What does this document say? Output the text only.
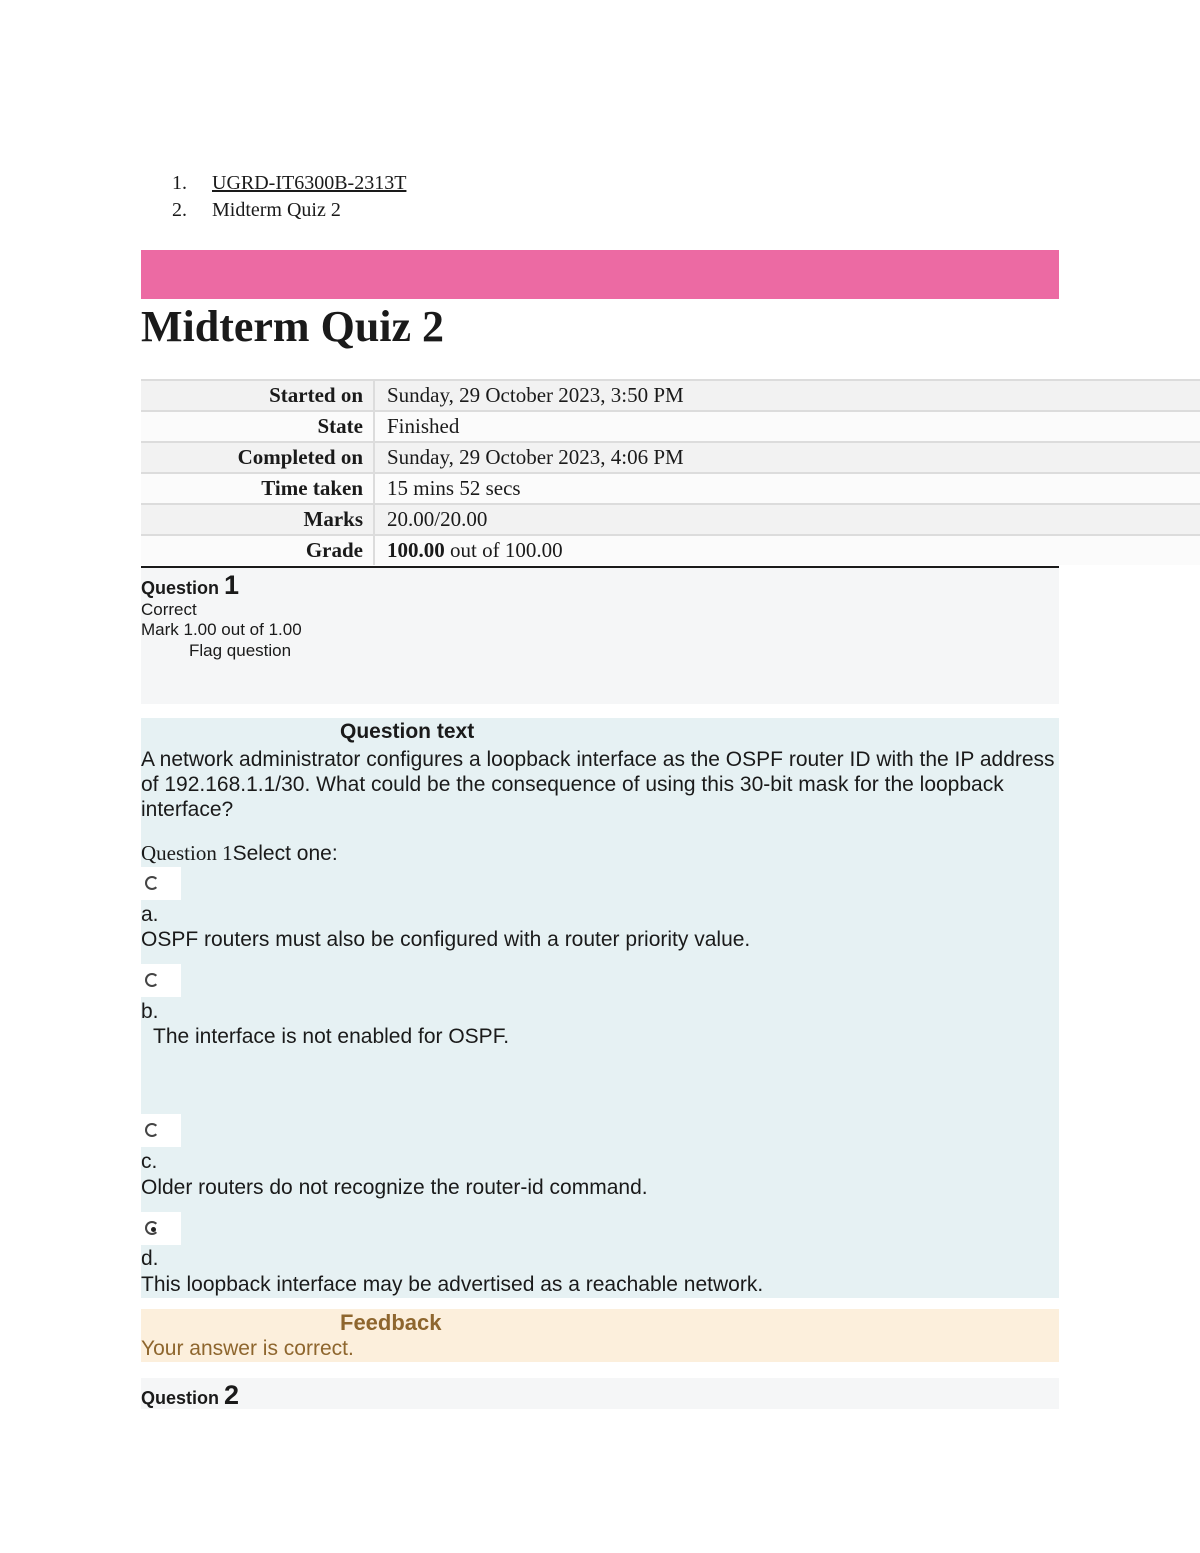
1.	UGRD-IT6300B-2313T
2.	Midterm Quiz 2
Midterm Quiz 2
Started on	Sunday, 29 October 2023, 3:50 PM
State	Finished
Completed on	Sunday, 29 October 2023, 4:06 PM
Time taken	15 mins 52 secs
Marks	20.00/20.00
Grade	100.00 out of 100.00
Question 1
Correct
Mark 1.00 out of 1.00
Flag question
Question text
A network administrator configures a loopback interface as the OSPF router ID with the IP address of 192.168.1.1/30. What could be the consequence of using this 30-bit mask for the loopback interface?
Question 1Select one:
a.
OSPF routers must also be configured with a router priority value.
b.
The interface is not enabled for OSPF.
c.
Older routers do not recognize the router-id command.
d.
This loopback interface may be advertised as a reachable network.
Feedback
Your answer is correct.
Question 2
